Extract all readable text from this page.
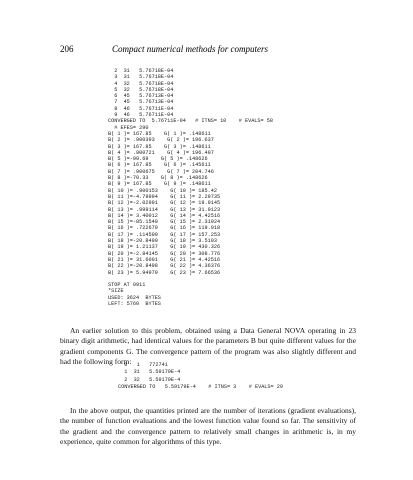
206	Compact numerical methods for computers
2  31   5.76718E-04
3  31   5.76718E-04
4  32   5.76718E-04
5  32   5.76718E-04
6  45   5.76713E-04
7  45   5.76713E-04
8  46   5.76711E-04
9  46   5.76711E-04
CONVERGED TO  5.76711E-04   # ITNS= 10    # EVALS= 58
# EFES= 290
B( 1 )= 167.85    G( 1 )= .148611
B( 2 )= .900393    G( 2 )= 196.637
B( 3 )= 167.85    G( 3 )= .148611
B( 4 )= .900721    G( 4 )= 196.497
B( 5 )=-99.69    G( 5 )= .148626
B( 6 )= 167.85    G( 6 )= .145611
B( 7 )= .900675    G( 7 )= 204.746
B( 8 )=-70.33    G( 8 )= .148626
B( 9 )= 167.85    G( 9 )= .148611
B( 10 )= .900153    G( 10 )= 185.42
B( 11 )=-4.79994    G( 11 )= 2.29735
B( 12 )=-2.02991    G( 12 )= 19.9145
B( 13 )= .999114    G( 13 )= 31.9123
B( 14 )= 3.40012    G( 14 )= 4.42516
B( 15 )=-85.1549    G( 15 )= 2.31924
B( 16 )= .722679    G( 16 )= 119.018
B( 17 )= .114509    G( 17 )= 157.253
B( 18 )=-20.8499    G( 18 )= 3.5103
B( 19 )= 1.21137    G( 19 )= 430.326
B( 20 )=-2.84145    G( 20 )= 308.776
B( 21 )= 31.6001    G( 21 )= 4.42516
B( 22 )=-20.8498    G( 22 )= 4.36376
B( 23 )= 5.94979    G( 23 )= 7.66536
STOP AT 0911
*SIZE
USED: 3624  BYTES
LEFT: 5760  BYTES
An earlier solution to this problem, obtained using a Data General NOVA operating in 23 binary digit arithmetic, had identical values for the parameters B but quite different values for the gradient components G. The convergence pattern of the program was also slightly different and had the following form:
0   1   772741
1  31   5.59179E-4
2  32   5.59179E-4
CONVERGED TO   5.59179E-4    # ITNS= 3    # EVALS= 29
In the above output, the quantities printed are the number of iterations (gradient evaluations), the number of function evaluations and the lowest function value found so far. The sensitivity of the gradient and the convergence pattern to relatively small changes in arithmetic is, in my experience, quite common for algorithms of this type.
